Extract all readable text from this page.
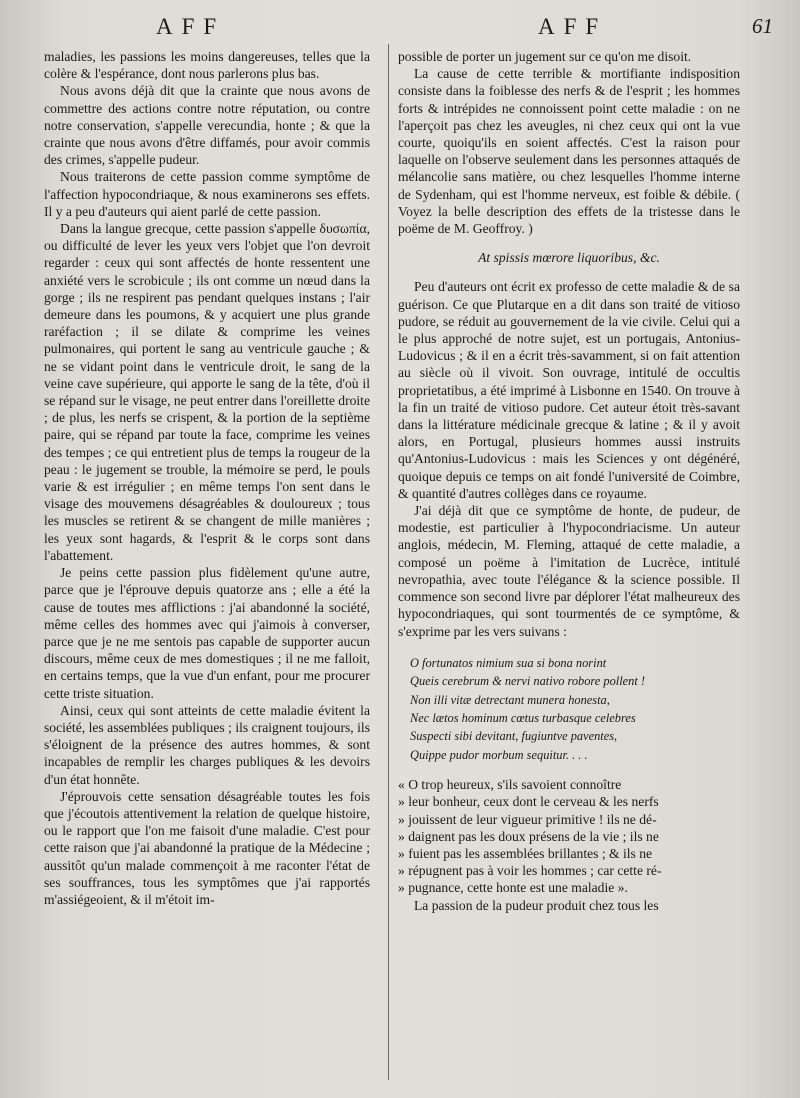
AFF	AFF	61

maladies, les passions les moins dangereuses, telles que la colère & l'espérance, dont nous parlerons plus bas.

Nous avons déjà dit que la crainte que nous avons de commettre des actions contre notre réputation, ou contre notre conservation, s'appelle verecundia, honte ; & que la crainte que nous avons d'être diffamés, pour avoir commis des crimes, s'appelle pudeur.

Nous traiterons de cette passion comme symptôme de l'affection hypocondriaque, & nous examinerons ses effets. Il y a peu d'auteurs qui aient parlé de cette passion.

Dans la langue grecque, cette passion s'appelle δυσωπία, ou difficulté de lever les yeux vers l'objet que l'on devroit regarder : ceux qui sont affectés de honte ressentent une anxiété vers le scrobicule ; ils ont comme un nœud dans la gorge ; ils ne respirent pas pendant quelques instans ; l'air demeure dans les poumons, & y acquiert une plus grande raréfaction ; il se dilate & comprime les veines pulmonaires, qui portent le sang au ventricule gauche ; & ne se vidant point dans le ventricule droit, le sang de la veine cave supérieure, qui apporte le sang de la tête, d'où il se répand sur le visage, ne peut entrer dans l'oreillette droite ; de plus, les nerfs se crispent, & la portion de la septième paire, qui se répand par toute la face, comprime les veines des tempes ; ce qui entretient plus de temps la rougeur de la peau : le jugement se trouble, la mémoire se perd, le pouls varie & est irrégulier ; en même temps l'on sent dans le visage des mouvemens désagréables & douloureux ; tous les muscles se retirent & se changent de mille manières ; les yeux sont hagards, & l'esprit & le corps sont dans l'abattement.

Je peins cette passion plus fidèlement qu'une autre, parce que je l'éprouve depuis quatorze ans ; elle a été la cause de toutes mes afflictions : j'ai abandonné la société, même celles des hommes avec qui j'aimois à converser, parce que je ne me sentois pas capable de supporter aucun discours, même ceux de mes domestiques ; il ne me falloit, en certains temps, que la vue d'un enfant, pour me procurer cette triste situation.

Ainsi, ceux qui sont atteints de cette maladie évitent la société, les assemblées publiques ; ils craignent toujours, ils s'éloignent de la présence des autres hommes, & sont incapables de remplir les charges publiques & les devoirs d'un état honnête.

J'éprouvois cette sensation désagréable toutes les fois que j'écoutois attentivement la relation de quelque histoire, ou le rapport que l'on me faisoit d'une maladie. C'est pour cette raison que j'ai abandonné la pratique de la Médecine ; aussitôt qu'un malade commençoit à me raconter l'état de ses souffrances, tous les symptômes que j'ai rapportés m'assiégeoient, & il m'étoit im-

possible de porter un jugement sur ce qu'on me disoit.

La cause de cette terrible & mortifiante indisposition consiste dans la foiblesse des nerfs & de l'esprit ; les hommes forts & intrépides ne connoissent point cette maladie : on ne l'aperçoit pas chez les aveugles, ni chez ceux qui ont la vue courte, quoiqu'ils en soient affectés. C'est la raison pour laquelle on l'observe seulement dans les personnes attaqués de mélancolie sans matière, ou chez lesquelles l'homme interne de Sydenham, qui est l'homme nerveux, est foible & débile. ( Voyez la belle description des effets de la tristesse dans le poëme de M. Geoffroy. )

At spissis mœrore liquoribus, &c.

Peu d'auteurs ont écrit ex professo de cette maladie & de sa guérison. Ce que Plutarque en a dit dans son traité de vitioso pudore, se réduit au gouvernement de la vie civile. Celui qui a le plus approché de notre sujet, est un portugais, Antonius-Ludovicus ; & il en a écrit très-savamment, si on fait attention au siècle où il vivoit. Son ouvrage, intitulé de occultis proprietatibus, a été imprimé à Lisbonne en 1540. On trouve à la fin un traité de vitioso pudore. Cet auteur étoit très-savant dans la littérature médicinale grecque & latine ; & il y avoit alors, en Portugal, plusieurs hommes aussi instruits qu'Antonius-Ludovicus : mais les Sciences y ont dégénéré, quoique depuis ce temps on ait fondé l'université de Coimbre, & quantité d'autres collèges dans ce royaume.

J'ai déjà dit que ce symptôme de honte, de pudeur, de modestie, est particulier à l'hypocondriacisme. Un auteur anglois, médecin, M. Fleming, attaqué de cette maladie, a composé un poëme à l'imitation de Lucrèce, intitulé nevropathia, avec toute l'élégance & la science possible. Il commence son second livre par déplorer l'état malheureux des hypocondriaques, qui sont tourmentés de ce symptôme, & s'exprime par les vers suivans :

O fortunatos nimium sua si bona norint
Queis cerebrum & nervi nativo robore pollent !
Non illi vitæ detrectant munera honesta,
Nec lætos hominum cœtus turbasque celebres
Suspecti sibi devitant, fugiuntve paventes,
Quippe pudor morbum sequitur. . . .

« O trop heureux, s'ils savoient connoître

» leur bonheur, ceux dont le cerveau & les nerfs

» jouissent de leur vigueur primitive ! ils ne dé-

» daignent pas les doux présens de la vie ; ils ne

» fuient pas les assemblées brillantes ; & ils ne

» répugnent pas à voir les hommes ; car cette ré-

» pugnance, cette honte est une maladie ».

La passion de la pudeur produit chez tous les
